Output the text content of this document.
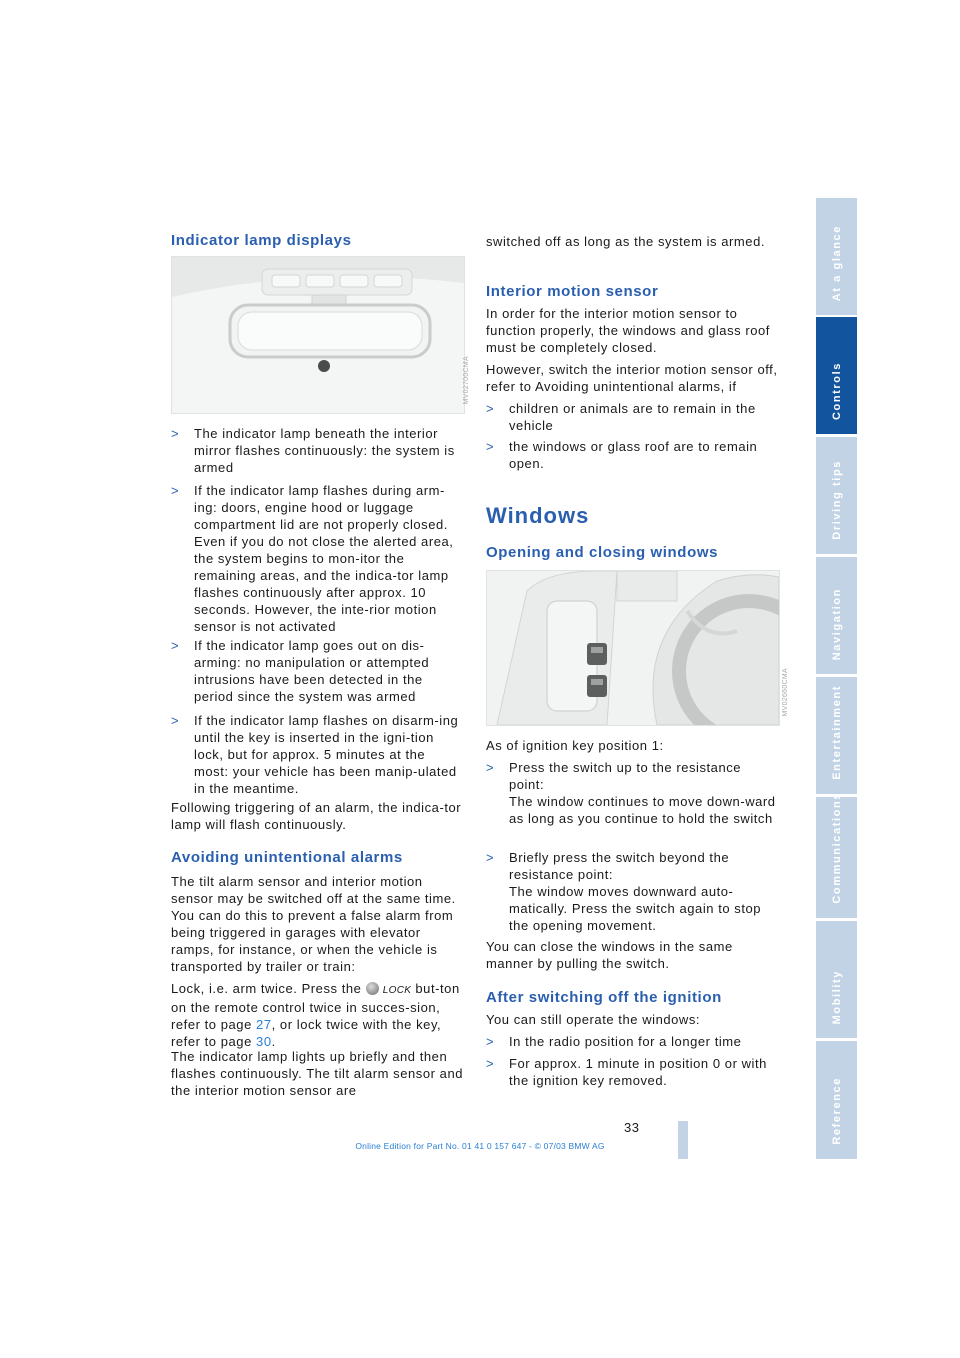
Indicator lamp displays
MV02700CMA
> The indicator lamp beneath the interior mirror flashes continuously: the system is armed
> If the indicator lamp flashes during arm-ing: doors, engine hood or luggage compartment lid are not properly closed. Even if you do not close the alerted area, the system begins to mon-itor the remaining areas, and the indica-tor lamp flashes continuously after approx. 10 seconds. However, the inte-rior motion sensor is not activated
> If the indicator lamp goes out on dis-arming: no manipulation or attempted intrusions have been detected in the period since the system was armed
> If the indicator lamp flashes on disarm-ing until the key is inserted in the igni-tion lock, but for approx. 5 minutes at the most: your vehicle has been manip-ulated in the meantime.

Following triggering of an alarm, the indica-tor lamp will flash continuously.

Avoiding unintentional alarms

The tilt alarm sensor and interior motion sensor may be switched off at the same time. You can do this to prevent a false alarm from being triggered in garages with elevator ramps, for instance, or when the vehicle is transported by trailer or train:

Lock, i.e. arm twice. Press the LOCK but-ton on the remote control twice in succes-sion, refer to page 27, or lock twice with the key, refer to page 30.

The indicator lamp lights up briefly and then flashes continuously. The tilt alarm sensor and the interior motion sensor are

switched off as long as the system is armed.

Interior motion sensor

In order for the interior motion sensor to function properly, the windows and glass roof must be completely closed.

However, switch the interior motion sensor off, refer to Avoiding unintentional alarms, if

> children or animals are to remain in the vehicle
> the windows or glass roof are to remain open.
Windows
Opening and closing windows
MV02660CMA

As of ignition key position 1:

> Press the switch up to the resistance point:
The window continues to move down-ward as long as you continue to hold the switch
> Briefly press the switch beyond the resistance point:
The window moves downward auto-matically. Press the switch again to stop the opening movement.

You can close the windows in the same manner by pulling the switch.

After switching off the ignition

You can still operate the windows:

> In the radio position for a longer time
> For approx. 1 minute in position 0 or with the ignition key removed.
At a glance
Controls
Driving tips
Navigation
Entertainment
Communications
Mobility
Reference
33
Online Edition for Part No. 01 41 0 157 647 - © 07/03 BMW AG
